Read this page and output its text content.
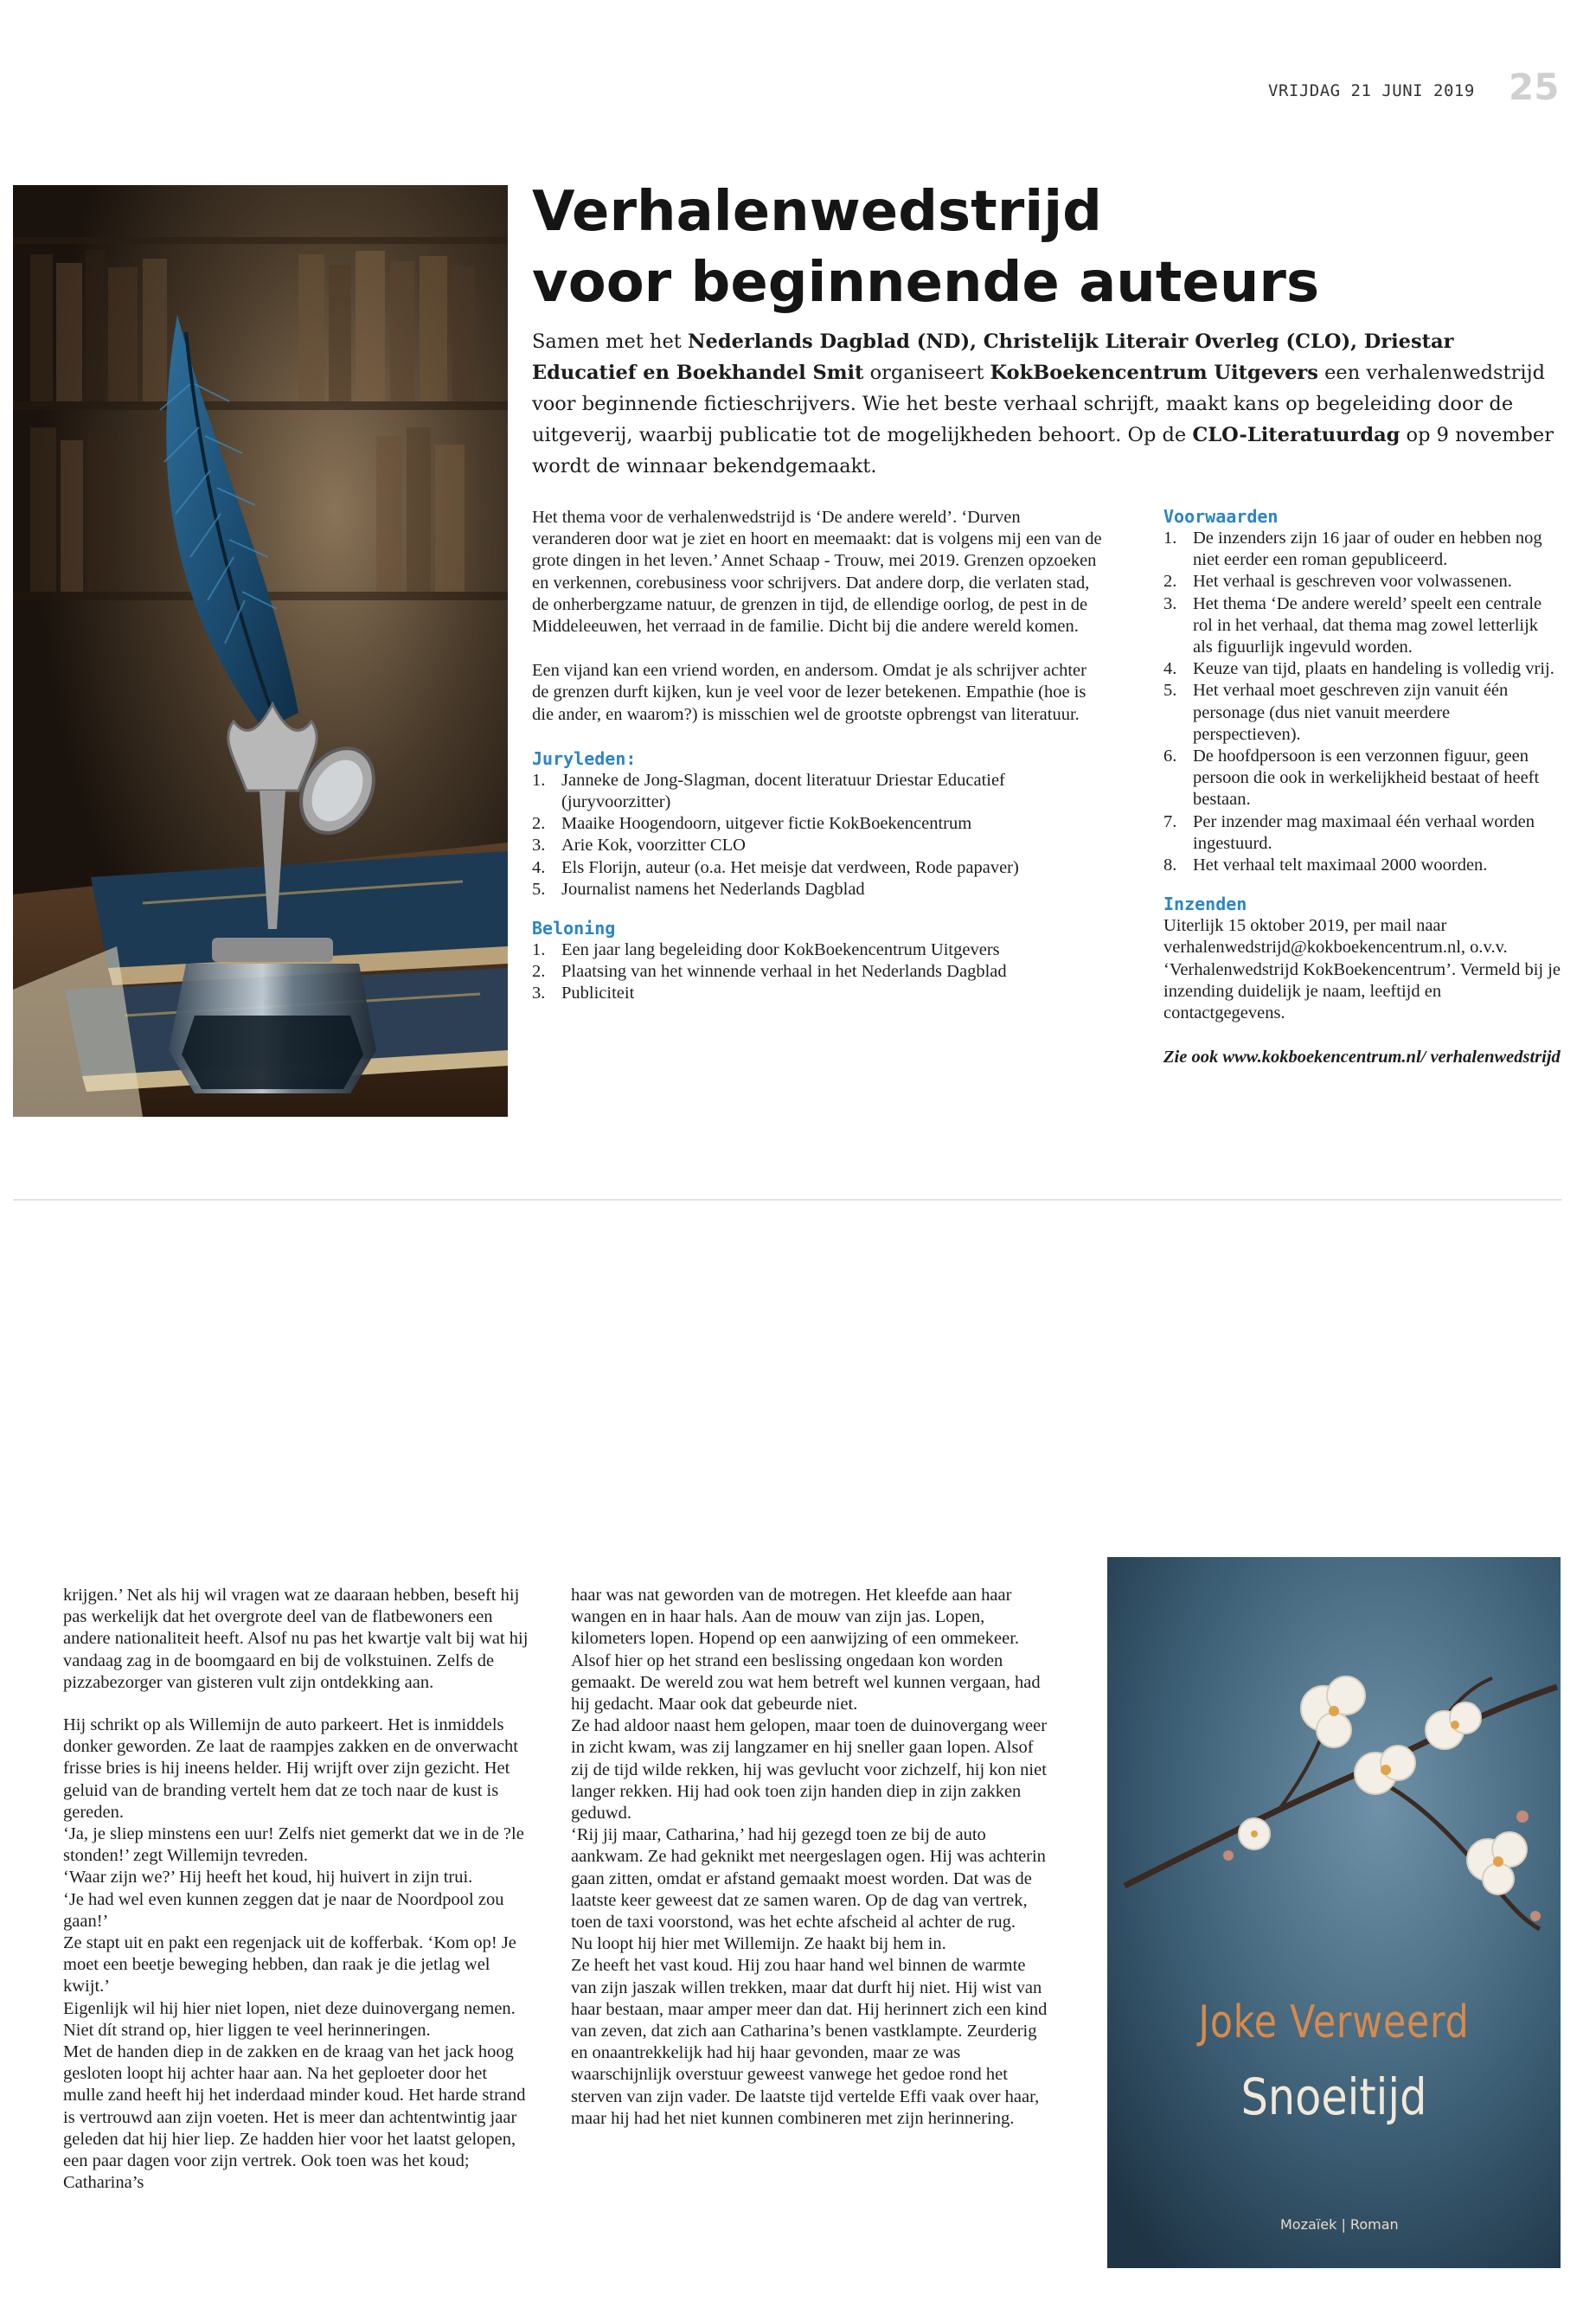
VRIJDAG 21 JUNI 2019 25
Verhalenwedstrijd
voor beginnende auteurs
Samen met het Nederlands Dagblad (ND), Christelijk Literair Overleg (CLO), Driestar Educatief en Boekhandel Smit organiseert KokBoekencentrum Uitgevers een verhalenwedstrijd voor beginnende fictieschrijvers. Wie het beste verhaal schrijft, maakt kans op begeleiding door de uitgeverij, waarbij publicatie tot de mogelijkheden behoort. Op de CLO-Literatuurdag op 9 november wordt de winnaar bekendgemaakt.

Het thema voor de verhalenwedstrijd is ‘De andere wereld’. ‘Durven veranderen door wat je ziet en hoort en meemaakt: dat is volgens mij een van de grote dingen in het leven.’ Annet Schaap - Trouw, mei 2019. Grenzen opzoeken en verkennen, corebusiness voor schrijvers. Dat andere dorp, die verlaten stad, de onherbergzame natuur, de grenzen in tijd, de ellendige oorlog, de pest in de Middeleeuwen, het verraad in de familie. Dicht bij die andere wereld komen.

Een vijand kan een vriend worden, en andersom. Omdat je als schrijver achter de grenzen durft kijken, kun je veel voor de lezer betekenen. Empathie (hoe is die ander, en waarom?) is misschien wel de grootste opbrengst van literatuur.

Juryleden:
1. Janneke de Jong-Slagman, docent literatuur Driestar Educatief (juryvoorzitter)
2. Maaike Hoogendoorn, uitgever fictie KokBoekencentrum
3. Arie Kok, voorzitter CLO
4. Els Florijn, auteur (o.a. Het meisje dat verdween, Rode papaver)
5. Journalist namens het Nederlands Dagblad
Beloning
1. Een jaar lang begeleiding door KokBoekencentrum Uitgevers
2. Plaatsing van het winnende verhaal in het Nederlands Dagblad
3. Publiciteit
Voorwaarden
1. De inzenders zijn 16 jaar of ouder en hebben nog niet eerder een roman gepubliceerd.
2. Het verhaal is geschreven voor volwassenen.
3. Het thema ‘De andere wereld’ speelt een centrale rol in het verhaal, dat thema mag zowel letterlijk als figuurlijk ingevuld worden.
4. Keuze van tijd, plaats en handeling is volledig vrij.
5. Het verhaal moet geschreven zijn vanuit één personage (dus niet vanuit meerdere perspectieven).
6. De hoofdpersoon is een verzonnen figuur, geen persoon die ook in werkelijkheid bestaat of heeft bestaan.
7. Per inzender mag maximaal één verhaal worden ingestuurd.
8. Het verhaal telt maximaal 2000 woorden.
Inzenden

Uiterlijk 15 oktober 2019, per mail naar verhalenwedstrijd@kokboekencentrum.nl, o.v.v. ‘Verhalenwedstrijd KokBoekencentrum’. Vermeld bij je inzending duidelijk je naam, leeftijd en contactgegevens.

Zie ook www.kokboekencentrum.nl/ verhalenwedstrijd

krijgen.’ Net als hij wil vragen wat ze daaraan hebben, beseft hij pas werkelijk dat het overgrote deel van de flatbewoners een andere nationaliteit heeft. Alsof nu pas het kwartje valt bij wat hij vandaag zag in de boomgaard en bij de volkstuinen. Zelfs de pizzabezorger van gisteren vult zijn ontdekking aan.

Hij schrikt op als Willemijn de auto parkeert. Het is inmiddels donker geworden. Ze laat de raampjes zakken en de onverwacht frisse bries is hij ineens helder. Hij wrijft over zijn gezicht. Het geluid van de branding vertelt hem dat ze toch naar de kust is gereden.

‘Ja, je sliep minstens een uur! Zelfs niet gemerkt dat we in de ?le stonden!’ zegt Willemijn tevreden.

‘Waar zijn we?’ Hij heeft het koud, hij huivert in zijn trui.

‘Je had wel even kunnen zeggen dat je naar de Noordpool zou gaan!’

Ze stapt uit en pakt een regenjack uit de kofferbak. ‘Kom op! Je moet een beetje beweging hebben, dan raak je die jetlag wel kwijt.’

Eigenlijk wil hij hier niet lopen, niet deze duinovergang nemen. Niet dít strand op, hier liggen te veel herinneringen.

Met de handen diep in de zakken en de kraag van het jack hoog gesloten loopt hij achter haar aan. Na het geploeter door het mulle zand heeft hij het inderdaad minder koud. Het harde strand is vertrouwd aan zijn voeten. Het is meer dan achtentwintig jaar geleden dat hij hier liep. Ze hadden hier voor het laatst gelopen, een paar dagen voor zijn vertrek. Ook toen was het koud; Catharina’s

haar was nat geworden van de motregen. Het kleefde aan haar wangen en in haar hals. Aan de mouw van zijn jas. Lopen, kilometers lopen. Hopend op een aanwijzing of een ommekeer. Alsof hier op het strand een beslissing ongedaan kon worden gemaakt. De wereld zou wat hem betreft wel kunnen vergaan, had hij gedacht. Maar ook dat gebeurde niet.

Ze had aldoor naast hem gelopen, maar toen de duinovergang weer in zicht kwam, was zij langzamer en hij sneller gaan lopen. Alsof zij de tijd wilde rekken, hij was gevlucht voor zichzelf, hij kon niet langer rekken. Hij had ook toen zijn handen diep in zijn zakken geduwd.

‘Rij jij maar, Catharina,’ had hij gezegd toen ze bij de auto aankwam. Ze had geknikt met neergeslagen ogen. Hij was achterin gaan zitten, omdat er afstand gemaakt moest worden. Dat was de laatste keer geweest dat ze samen waren. Op de dag van vertrek, toen de taxi voorstond, was het echte afscheid al achter de rug.

Nu loopt hij hier met Willemijn. Ze haakt bij hem in.

Ze heeft het vast koud. Hij zou haar hand wel binnen de warmte van zijn jaszak willen trekken, maar dat durft hij niet. Hij wist van haar bestaan, maar amper meer dan dat. Hij herinnert zich een kind van zeven, dat zich aan Catharina’s benen vastklampte. Zeurderig en onaantrekkelijk had hij haar gevonden, maar ze was waarschijnlijk overstuur geweest vanwege het gedoe rond het sterven van zijn vader. De laatste tijd vertelde Effi vaak over haar, maar hij had het niet kunnen combineren met zijn herinnering.

Joke Verweerd
Snoeitijd
Mozaïek | Roman
